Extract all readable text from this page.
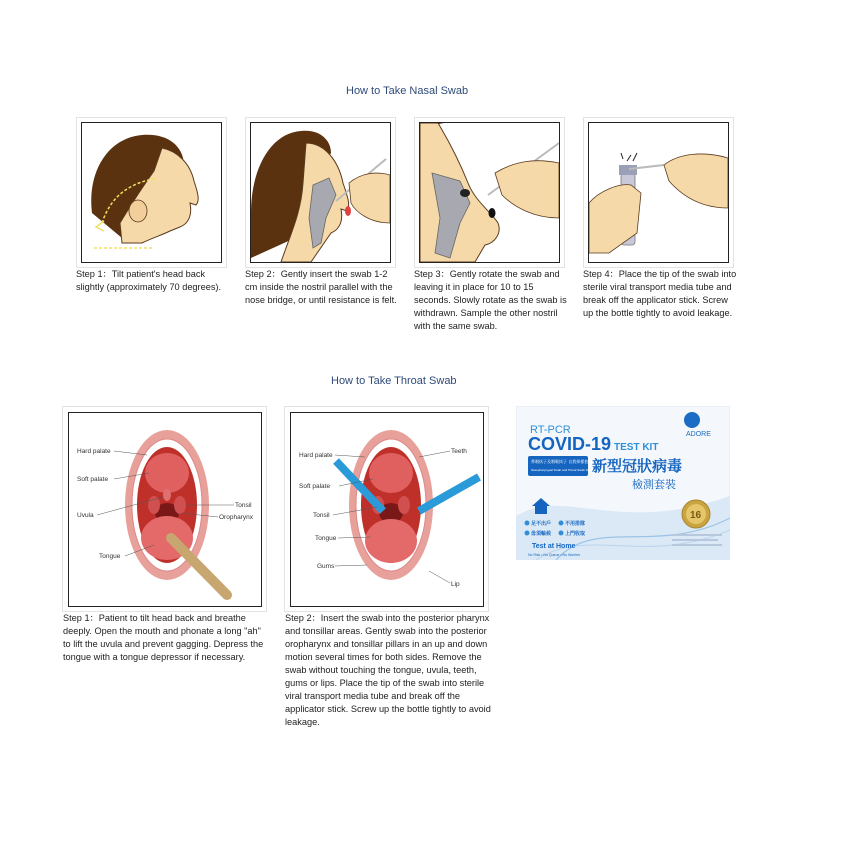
How to Take Nasal Swab
Step 1：Tilt patient's head back slightly (approximately 70 degrees).
Step 2：Gently insert the swab 1-2 cm inside the nostril parallel with the nose bridge, or until resistance is felt.
Step 3：Gently rotate the swab and leaving it in place for 10 to 15 seconds. Slowly rotate as the swab is withdrawn. Sample the other nostril with the same swab.
Step 4：Place the tip of the swab into sterile viral transport media tube and break off the applicator stick. Screw up the bottle tightly to avoid leakage.
How to Take Throat Swab
Hard palate
Soft palate
Uvula
Tongue
Tonsil
Oropharynx
Step 1：Patient to tilt head back and breathe deeply. Open the mouth and phonate a long "ah" to lift the uvula and prevent gagging. Depress the tongue with a tongue depressor if necessary.
Hard palate
Soft palate
Tonsil
Tongue
Gums
Teeth
Lip
Step 2：Insert the swab into the posterior pharynx and tonsillar areas. Gently swab into the posterior oropharynx and tonsillar pillars in an up and down motion several times for both sides. Remove the swab without touching the tongue, uvula, teeth, gums or lips. Place the tip of the swab into sterile viral transport media tube and break off the applicator stick. Screw up the bottle tightly to avoid leakage.
ADORE
RT-PCR
COVID-19 TEST KIT
鼻咽拭子及咽喉拭子 自我採樣套裝
Nasopharyngeal Swab and Throat Swab Self-sampling Kit
新型冠狀病毒
檢測套裝
足不出戶	不用排隊
毋須輪候	上門收取
Test at Home
No Risk • No Queue • No Worries
16
